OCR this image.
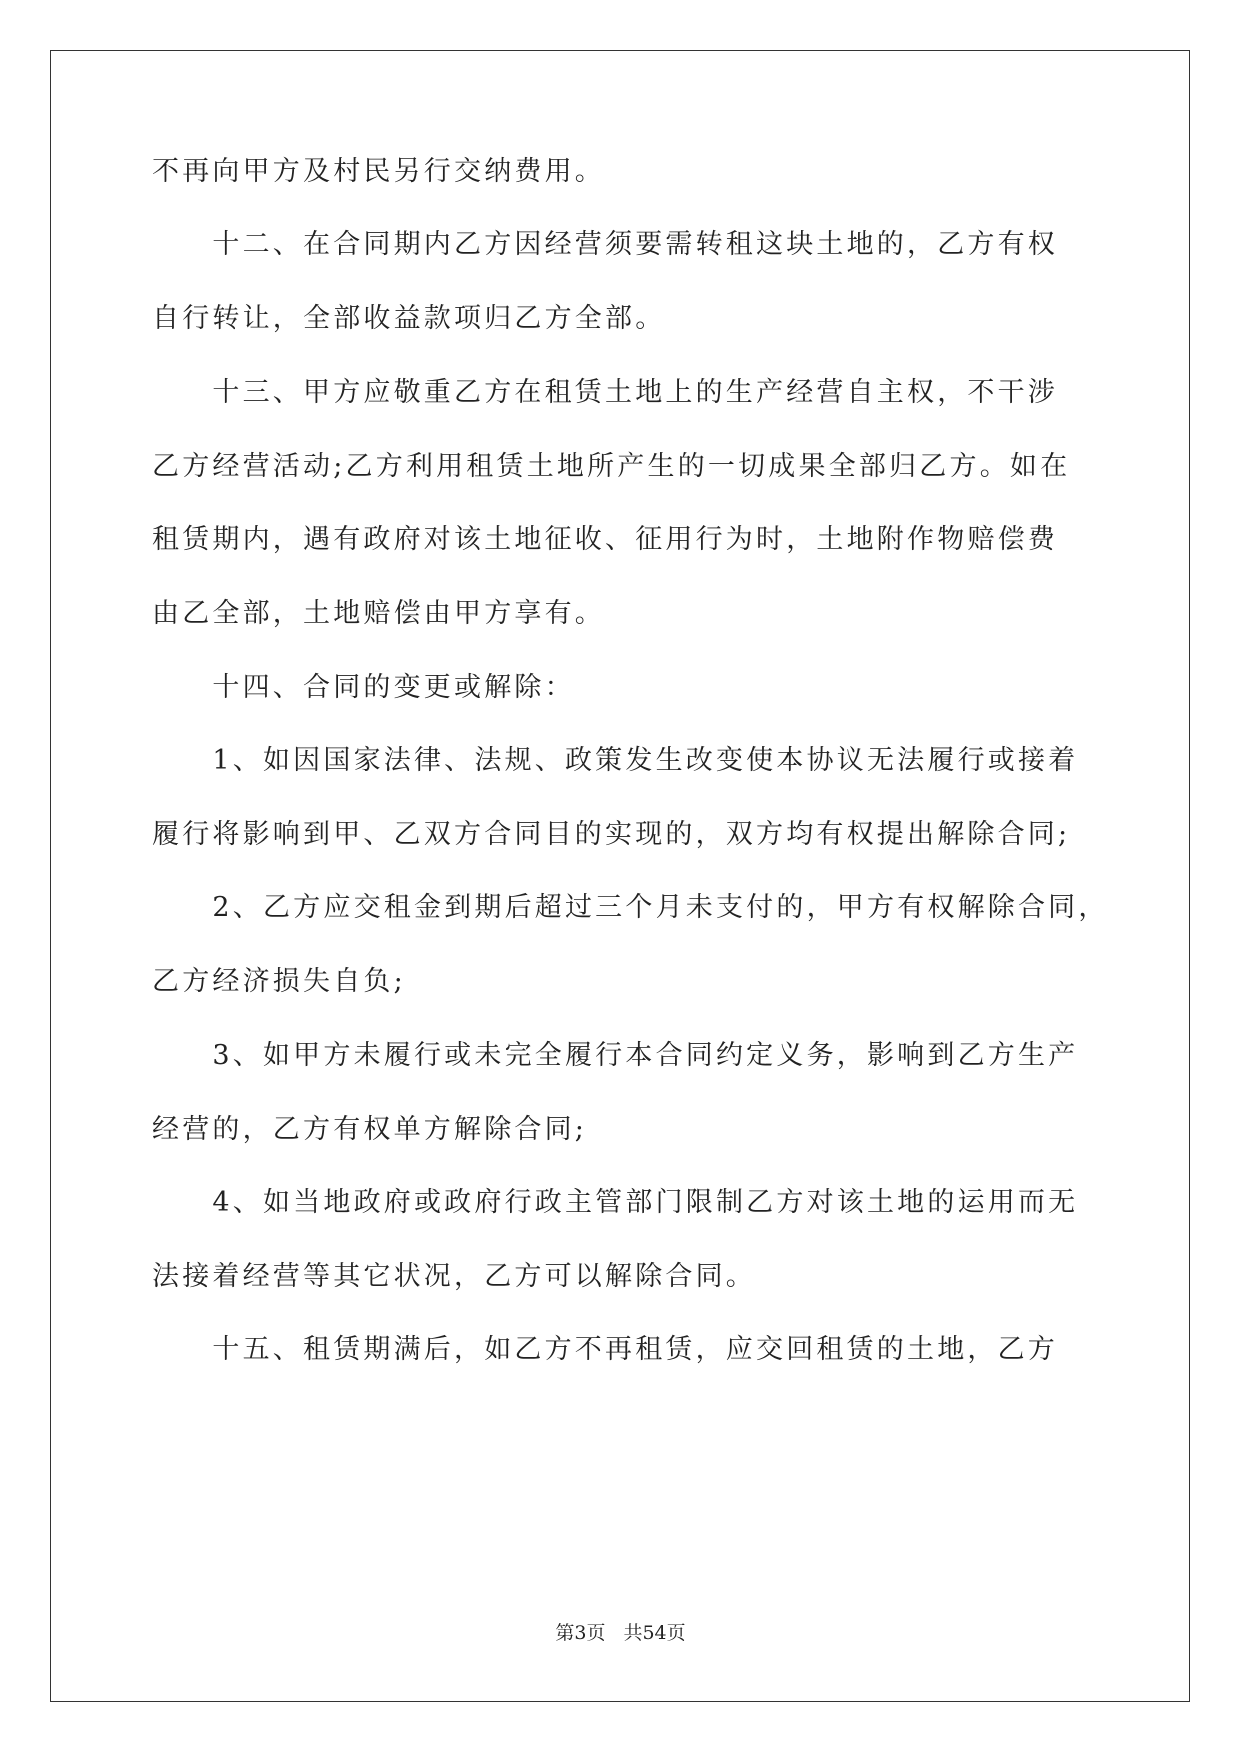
不再向甲方及村民另行交纳费用。

　　十二、在合同期内乙方因经营须要需转租这块土地的，乙方有权

自行转让，全部收益款项归乙方全部。

　　十三、甲方应敬重乙方在租赁土地上的生产经营自主权，不干涉

乙方经营活动;乙方利用租赁土地所产生的一切成果全部归乙方。如在

租赁期内，遇有政府对该土地征收、征用行为时，土地附作物赔偿费

由乙全部，土地赔偿由甲方享有。

　　十四、合同的变更或解除：

　　1、如因国家法律、法规、政策发生改变使本协议无法履行或接着

履行将影响到甲、乙双方合同目的实现的，双方均有权提出解除合同;

　　2、乙方应交租金到期后超过三个月未支付的，甲方有权解除合同，

乙方经济损失自负;

　　3、如甲方未履行或未完全履行本合同约定义务，影响到乙方生产

经营的，乙方有权单方解除合同;

　　4、如当地政府或政府行政主管部门限制乙方对该土地的运用而无

法接着经营等其它状况，乙方可以解除合同。

　　十五、租赁期满后，如乙方不再租赁，应交回租赁的土地，乙方

第3页 共54页
